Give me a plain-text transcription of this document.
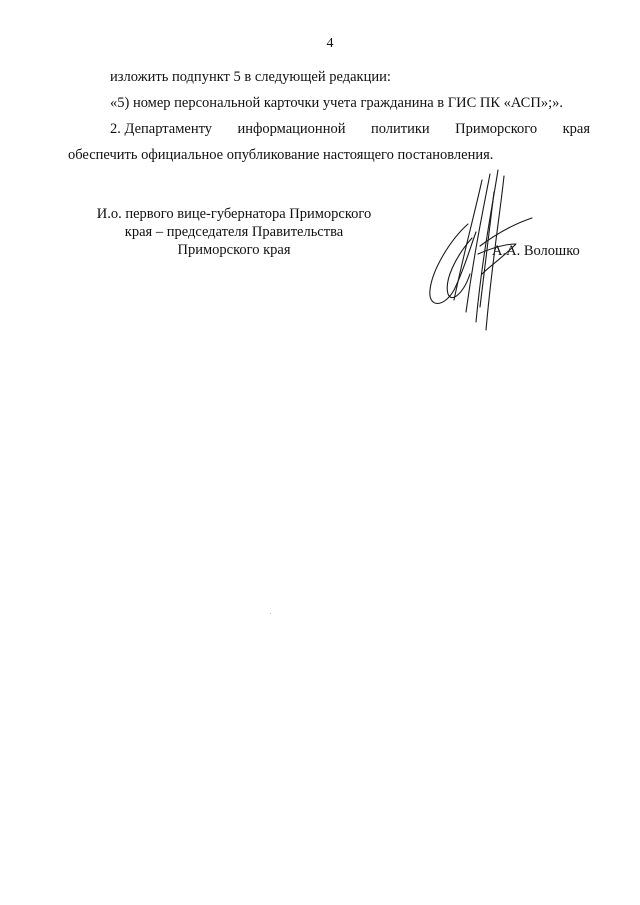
4
изложить подпункт 5 в следующей редакции:
«5) номер персональной карточки учета гражданина в ГИС ПК «АСП»;».
2. Департаменту информационной политики Приморского края
обеспечить официальное опубликование настоящего постановления.
И.о. первого вице-губернатора Приморского
края – председателя Правительства
Приморского края	А.А. Волошко
